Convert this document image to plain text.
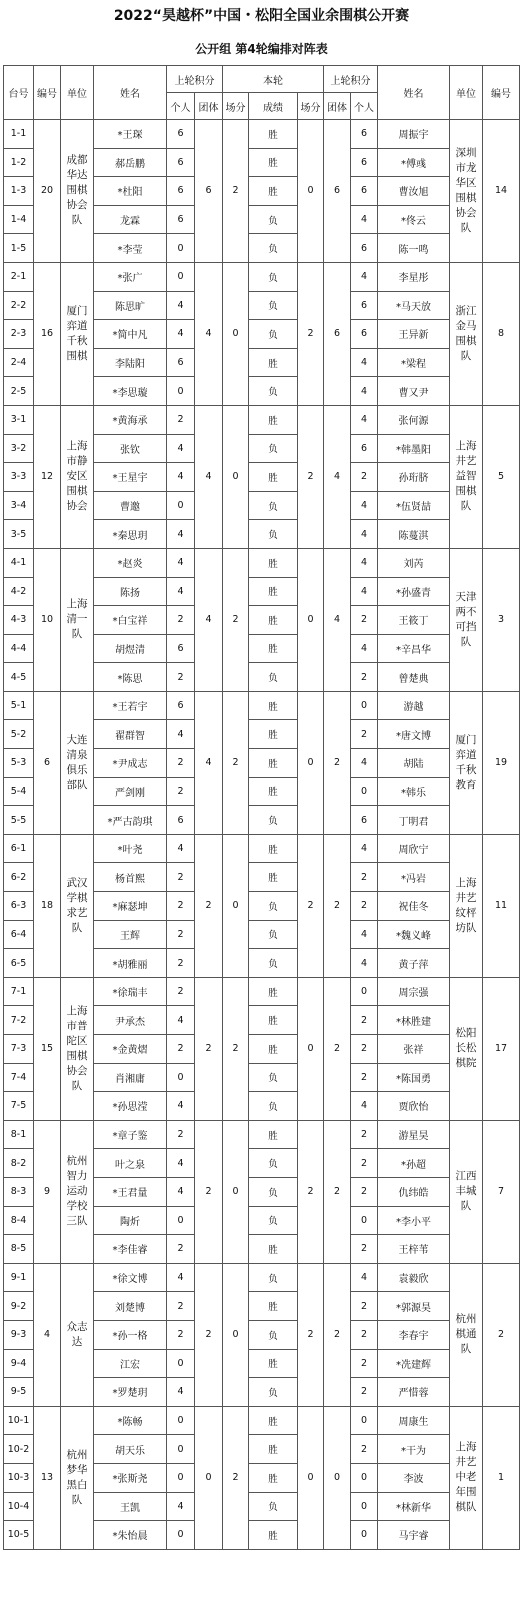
2022“昊越杯”中国・松阳全国业余围棋公开赛
公开组 第4轮编排对阵表
台号	编号	单位	姓名	上轮积分		本轮			上轮积分		姓名	单位	编号
				个人	团体	场分	成绩	场分	团体	个人			
1-1	20	成都华达围棋协会队	*王琛	6	6	2	胜	0	6	6	周振宇	深圳市龙华区围棋协会队	14
1-2			郝岳鹏	6			胜			6	*傅彧		
1-3			*杜阳	6			胜			6	曹汝旭		
1-4			龙霖	6			负			4	*佟云		
1-5			*李莹	0			负			6	陈一鸣		
2-1	16	厦门弈道千秋围棋	*张广	0	4	0	负	2	6	4	李星彤	浙江金马围棋队	8
2-2			陈思旷	4			负			6	*马天放		
2-3			*简中凡	4			负			6	王异新		
2-4			李陆阳	6			胜			4	*梁程		
2-5			*李思璇	0			负			4	曹又尹		
3-1	12	上海市静安区围棋协会	*黄海承	2	4	0	胜	2	4	4	张何源	上海井艺益智围棋队	5
3-2			张钦	4			负			6	*韩墨阳		
3-3			*王星宇	4			胜			2	孙珩脐		
3-4			曹邀	0			负			4	*伍贤喆		
3-5			*秦思玥	4			负			4	陈蔓淇		
4-1	10	上海清一队	*赵炎	4	4	2	胜	0	4	4	刘芮	天津两不可挡队	3
4-2			陈扬	4			胜			4	*孙盛青		
4-3			*白宝祥	2			胜			2	王筱丁		
4-4			胡煜清	6			胜			4	*辛昌华		
4-5			*陈思	2			负			2	曾楚典		
5-1	6	大连清泉俱乐部队	*王若宇	6	4	2	胜	0	2	0	游越	厦门弈道千秋教育	19
5-2			翟群智	4			胜			2	*唐文博		
5-3			*尹成志	2			胜			4	胡陆		
5-4			严剑刚	2			胜			0	*韩乐		
5-5			*严古韵琪	6			负			6	丁明君		
6-1	18	武汉学棋求艺队	*叶尧	4	2	0	胜	2	2	4	周欣宁	上海井艺纹枰坊队	11
6-2			杨首熙	2			胜			2	*冯岩		
6-3			*麻瑟坤	2			负			2	祝佳冬		
6-4			王辉	2			负			4	*魏义峰		
6-5			*胡雅丽	2			负			4	黄子萍		
7-1	15	上海市普陀区围棋协会队	*徐瑞丰	2	2	2	胜	0	2	0	周宗强	松阳长松棋院	17
7-2			尹承杰	4			胜			2	*林胜建		
7-3			*金黄熠	2			胜			2	张祥		
7-4			肖湘庸	0			负			2	*陈国勇		
7-5			*孙思滢	4			负			4	贾欣怡		
8-1	9	杭州智力运动学校三队	*章子鉴	2	2	0	胜	2	2	2	游星昊	江西丰城队	7
8-2			叶之泉	4			负			2	*孙超		
8-3			*王君量	4			负			2	仇纬皓		
8-4			陶炘	0			负			0	*李小平		
8-5			*李佳睿	2			胜			2	王梓苇		
9-1	4	众志达	*徐文博	4	2	0	负	2	2	4	袁毅欣	杭州棋通队	2
9-2			刘楚博	2			胜			2	*郭源昊		
9-3			*孙一格	2			负			2	李春宇		
9-4			江宏	0			胜			2	*冼建辉		
9-5			*罗楚玥	4			负			2	严惜蓉		
10-1	13	杭州梦华黑白队	*陈畅	0	0	2	胜	0	0	0	周康生	上海井艺中老年围棋队	1
10-2			胡天乐	0			胜			2	*干为		
10-3			*张斯尧	0			胜			0	李波		
10-4			王凯	4			负			0	*林新华		
10-5			*朱怡晨	0			胜			0	马宇睿		
